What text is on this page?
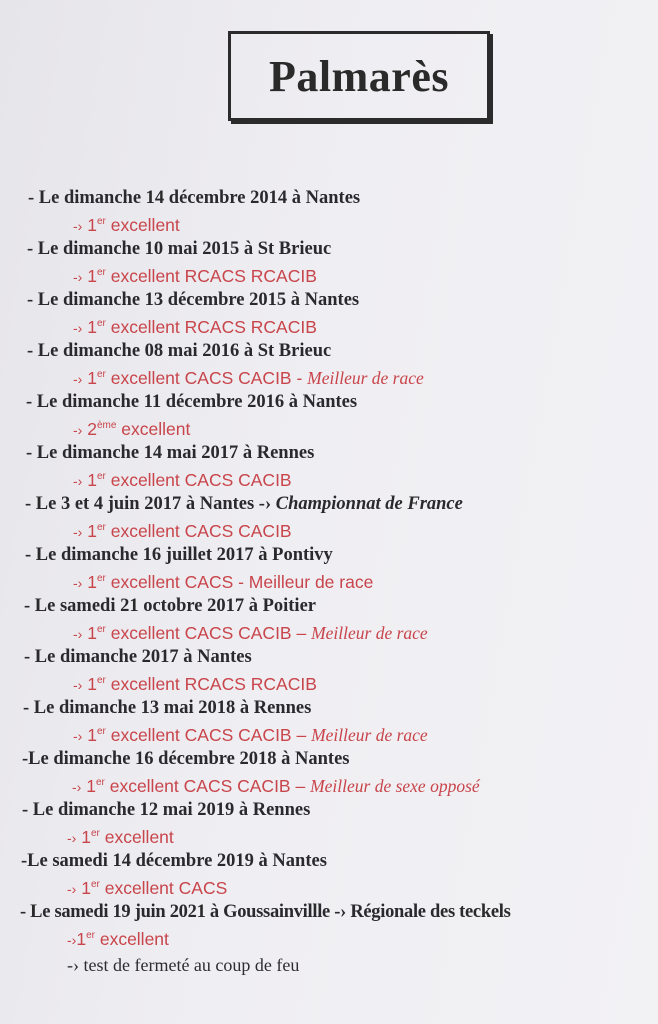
Palmarès
- Le dimanche 14 décembre 2014 à Nantes
-› 1er excellent
- Le dimanche 10 mai 2015 à St Brieuc
-› 1er excellent RCACS RCACIB
- Le dimanche 13 décembre 2015 à Nantes
-› 1er excellent RCACS RCACIB
- Le dimanche 08 mai 2016 à St Brieuc
-› 1er excellent CACS CACIB - Meilleur de race
- Le dimanche 11 décembre 2016 à Nantes
-› 2ème excellent
- Le dimanche 14 mai 2017 à Rennes
-› 1er excellent CACS CACIB
- Le 3 et 4 juin 2017 à Nantes -› Championnat de France
-› 1er excellent CACS CACIB
- Le dimanche 16 juillet 2017 à Pontivy
-› 1er excellent CACS - Meilleur de race
- Le samedi 21 octobre 2017 à Poitier
-› 1er excellent CACS CACIB – Meilleur de race
- Le dimanche 2017 à Nantes
-› 1er excellent RCACS RCACIB
- Le dimanche 13 mai 2018 à Rennes
-› 1er excellent CACS CACIB – Meilleur de race
-Le dimanche 16 décembre 2018 à Nantes
-› 1er excellent CACS CACIB – Meilleur de sexe opposé
- Le dimanche 12 mai 2019 à Rennes
-› 1er excellent
-Le samedi 14 décembre 2019 à Nantes
-› 1er excellent CACS
- Le samedi 19 juin 2021 à Goussainvillle -› Régionale des teckels
-›1er excellent
-› test de fermeté au coup de feu
